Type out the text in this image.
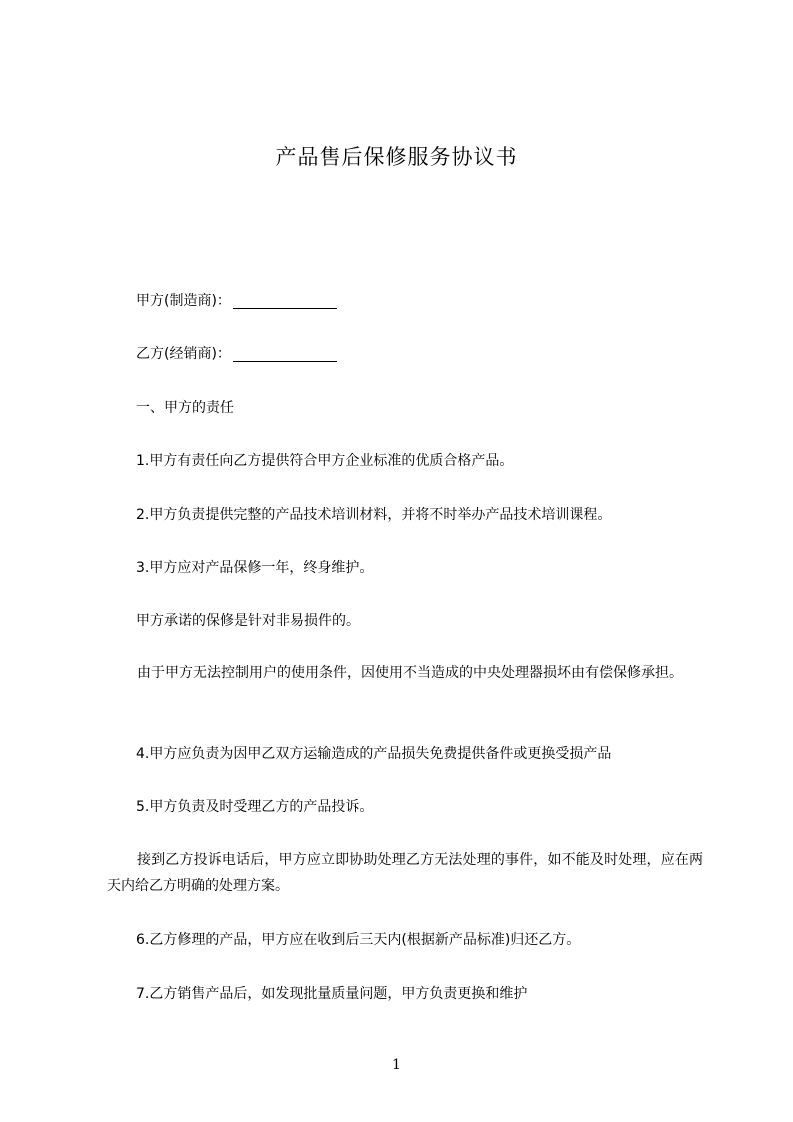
产品售后保修服务协议书
甲方(制造商)：
乙方(经销商)：
一、甲方的责任
1.甲方有责任向乙方提供符合甲方企业标准的优质合格产品。
2.甲方负责提供完整的产品技术培训材料，并将不时举办产品技术培训课程。
3.甲方应对产品保修一年，终身维护。
甲方承诺的保修是针对非易损件的。
由于甲方无法控制用户的使用条件，因使用不当造成的中央处理器损坏由有偿保修承担。
4.甲方应负责为因甲乙双方运输造成的产品损失免费提供备件或更换受损产品
5.甲方负责及时受理乙方的产品投诉。
接到乙方投诉电话后，甲方应立即协助处理乙方无法处理的事件，如不能及时处理，应在两天内给乙方明确的处理方案。
6.乙方修理的产品，甲方应在收到后三天内(根据新产品标准)归还乙方。
7.乙方销售产品后，如发现批量质量问题，甲方负责更换和维护
1
